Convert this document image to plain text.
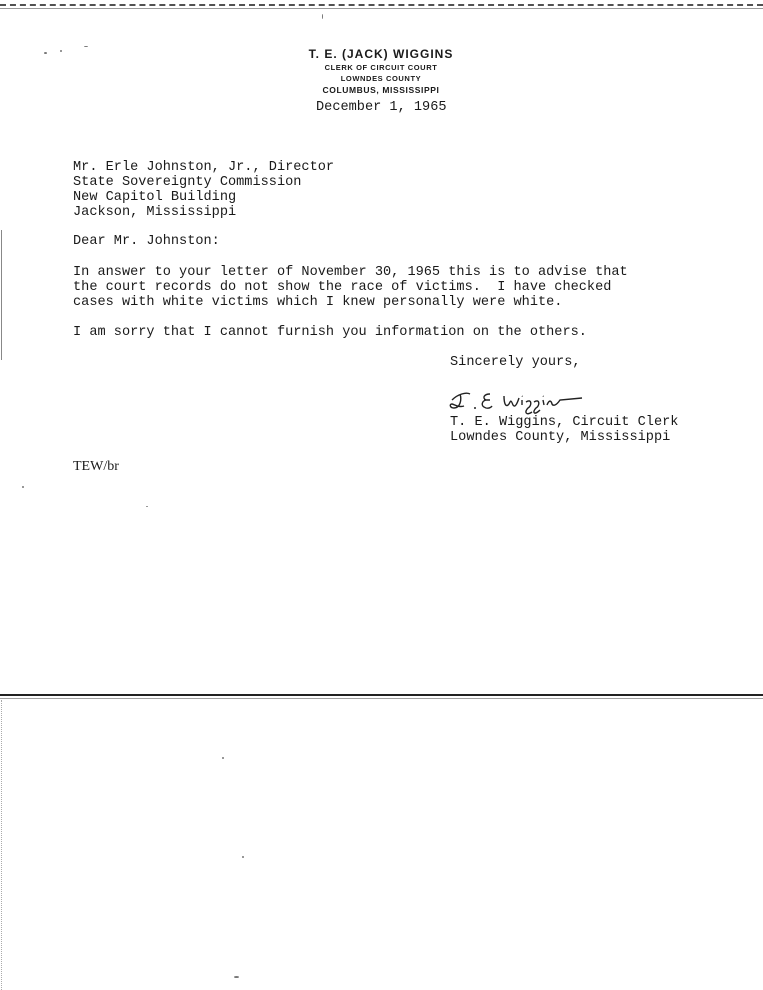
T. E. (JACK) WIGGINS
CLERK OF CIRCUIT COURT
LOWNDES COUNTY
COLUMBUS, MISSISSIPPI
December 1, 1965
Mr. Erle Johnston, Jr., Director
State Sovereignty Commission
New Capitol Building
Jackson, Mississippi
Dear Mr. Johnston:
In answer to your letter of November 30, 1965 this is to advise that
the court records do not show the race of victims.  I have checked
cases with white victims which I knew personally were white.
I am sorry that I cannot furnish you information on the others.
Sincerely yours,
T. E. Wiggins, Circuit Clerk
Lowndes County, Mississippi
TEW/br
